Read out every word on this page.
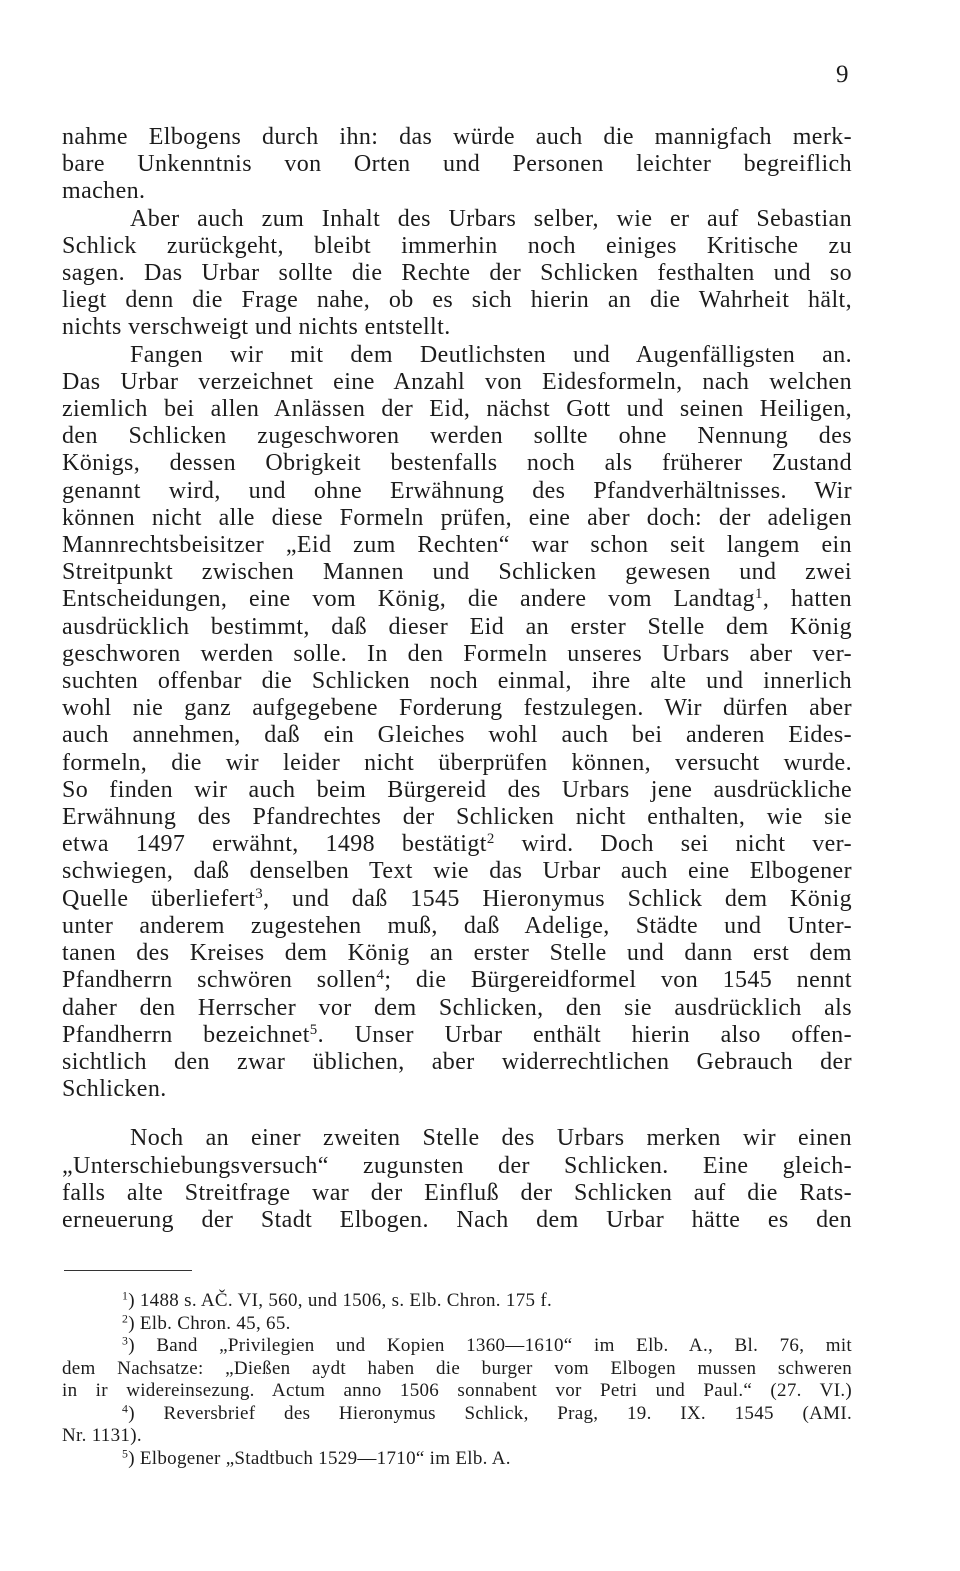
9

nahme Elbogens durch ihn: das würde auch die mannigfach merk-
bare Unkenntnis von Orten und Personen leichter begreiflich
machen.

Aber auch zum Inhalt des Urbars selber, wie er auf Sebastian
Schlick zurückgeht, bleibt immerhin noch einiges Kritische zu
sagen. Das Urbar sollte die Rechte der Schlicken festhalten und so
liegt denn die Frage nahe, ob es sich hierin an die Wahrheit hält,
nichts verschweigt und nichts entstellt.

Fangen wir mit dem Deutlichsten und Augenfälligsten an.
Das Urbar verzeichnet eine Anzahl von Eidesformeln, nach welchen
ziemlich bei allen Anlässen der Eid, nächst Gott und seinen Heiligen,
den Schlicken zugeschworen werden sollte ohne Nennung des
Königs, dessen Obrigkeit bestenfalls noch als früherer Zustand
genannt wird, und ohne Erwähnung des Pfandverhältnisses. Wir
können nicht alle diese Formeln prüfen, eine aber doch: der adeligen
Mannrechtsbeisitzer „Eid zum Rechten“ war schon seit langem ein
Streitpunkt zwischen Mannen und Schlicken gewesen und zwei
Entscheidungen, eine vom König, die andere vom Landtag$^1$, hatten
ausdrücklich bestimmt, daß dieser Eid an erster Stelle dem König
geschworen werden solle. In den Formeln unseres Urbars aber ver-
suchten offenbar die Schlicken noch einmal, ihre alte und innerlich
wohl nie ganz aufgegebene Forderung festzulegen. Wir dürfen aber
auch annehmen, daß ein Gleiches wohl auch bei anderen Eides-
formeln, die wir leider nicht überprüfen können, versucht wurde.
So finden wir auch beim Bürgereid des Urbars jene ausdrückliche
Erwähnung des Pfandrechtes der Schlicken nicht enthalten, wie sie
etwa 1497 erwähnt, 1498 bestätigt$^2$ wird. Doch sei nicht ver-
schwiegen, daß denselben Text wie das Urbar auch eine Elbogener
Quelle überliefert$^3$, und daß 1545 Hieronymus Schlick dem König
unter anderem zugestehen muß, daß Adelige, Städte und Unter-
tanen des Kreises dem König an erster Stelle und dann erst dem
Pfandherrn schwören sollen$^4$; die Bürgereidformel von 1545 nennt
daher den Herrscher vor dem Schlicken, den sie ausdrücklich als
Pfandherrn bezeichnet$^5$. Unser Urbar enthält hierin also offen-
sichtlich den zwar üblichen, aber widerrechtlichen Gebrauch der
Schlicken.

Noch an einer zweiten Stelle des Urbars merken wir einen
„Unterschiebungsversuch“ zugunsten der Schlicken. Eine gleich-
falls alte Streitfrage war der Einfluß der Schlicken auf die Rats-
erneuerung der Stadt Elbogen. Nach dem Urbar hätte es den

$^1$) 1488 s. AČ. VI, 560, und 1506, s. Elb. Chron. 175 f.
$^2$) Elb. Chron. 45, 65.
$^3$) Band „Privilegien und Kopien 1360—1610“ im Elb. A., Bl. 76, mit
dem Nachsatze: „Dießen aydt haben die burger vom Elbogen mussen schweren
in ir widereinsezung. Actum anno 1506 sonnabent vor Petri und Paul.“ (27. VI.)
$^4$) Reversbrief des Hieronymus Schlick, Prag, 19. IX. 1545 (AMI.
Nr. 1131).
$^5$) Elbogener „Stadtbuch 1529—1710“ im Elb. A.
